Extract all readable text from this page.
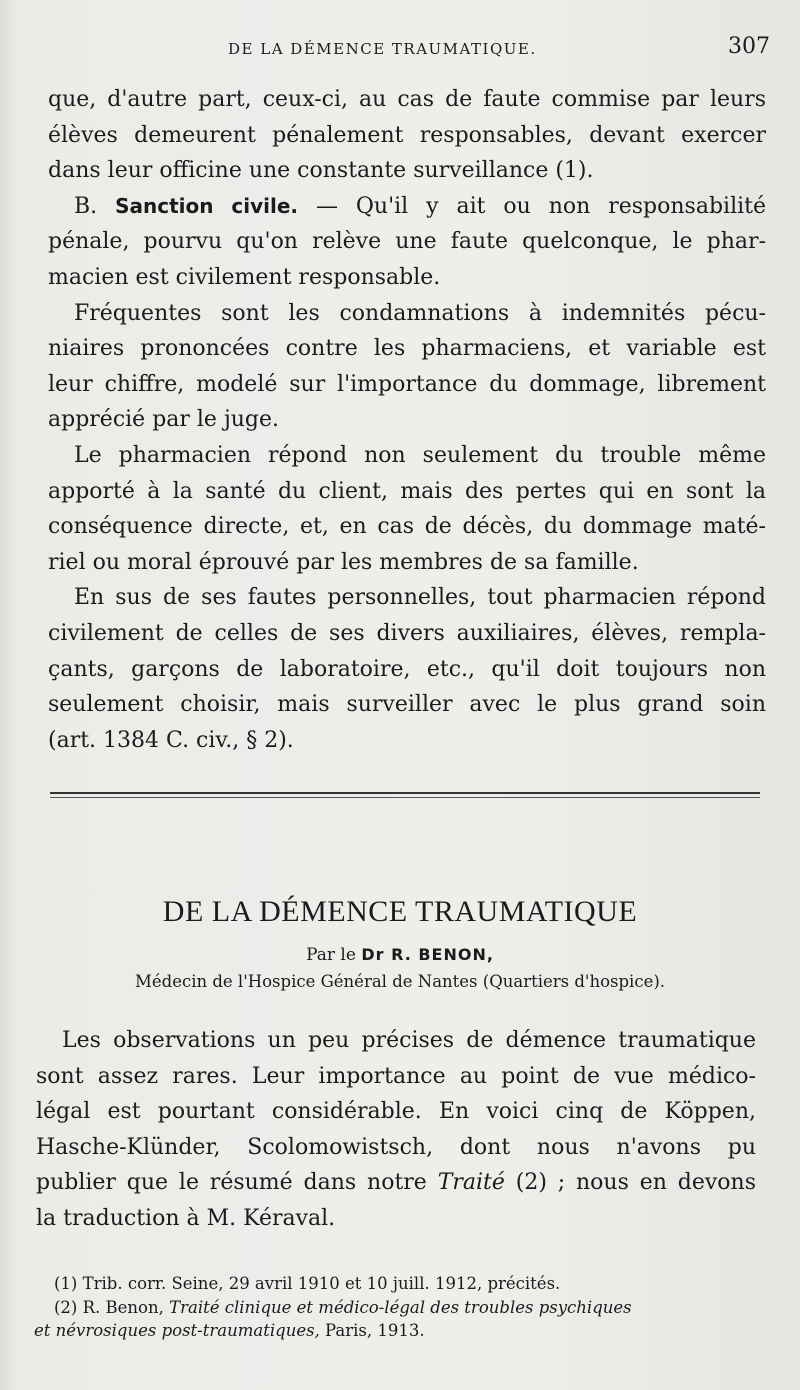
DE LA DÉMENCE TRAUMATIQUE.	307
que, d'autre part, ceux-ci, au cas de faute commise par leurs
élèves demeurent pénalement responsables, devant exercer
dans leur officine une constante surveillance (1).
B. Sanction civile. — Qu'il y ait ou non responsabilité
pénale, pourvu qu'on relève une faute quelconque, le phar-
macien est civilement responsable.
Fréquentes sont les condamnations à indemnités pécu-
niaires prononcées contre les pharmaciens, et variable est
leur chiffre, modelé sur l'importance du dommage, librement
apprécié par le juge.
Le pharmacien répond non seulement du trouble même
apporté à la santé du client, mais des pertes qui en sont la
conséquence directe, et, en cas de décès, du dommage maté-
riel ou moral éprouvé par les membres de sa famille.
En sus de ses fautes personnelles, tout pharmacien répond
civilement de celles de ses divers auxiliaires, élèves, rempla-
çants, garçons de laboratoire, etc., qu'il doit toujours non
seulement choisir, mais surveiller avec le plus grand soin
(art. 1384 C. civ., § 2).
DE LA DÉMENCE TRAUMATIQUE
Par le Dr R. BENON,
Médecin de l'Hospice Général de Nantes (Quartiers d'hospice).
Les observations un peu précises de démence traumatique
sont assez rares. Leur importance au point de vue médico-
légal est pourtant considérable. En voici cinq de Köppen,
Hasche-Klünder, Scolomowistsch, dont nous n'avons pu
publier que le résumé dans notre Traité (2) ; nous en devons
la traduction à M. Kéraval.
(1) Trib. corr. Seine, 29 avril 1910 et 10 juill. 1912, précités.
(2) R. Benon, Traité clinique et médico-légal des troubles psychiques
et névrosiques post-traumatiques, Paris, 1913.
